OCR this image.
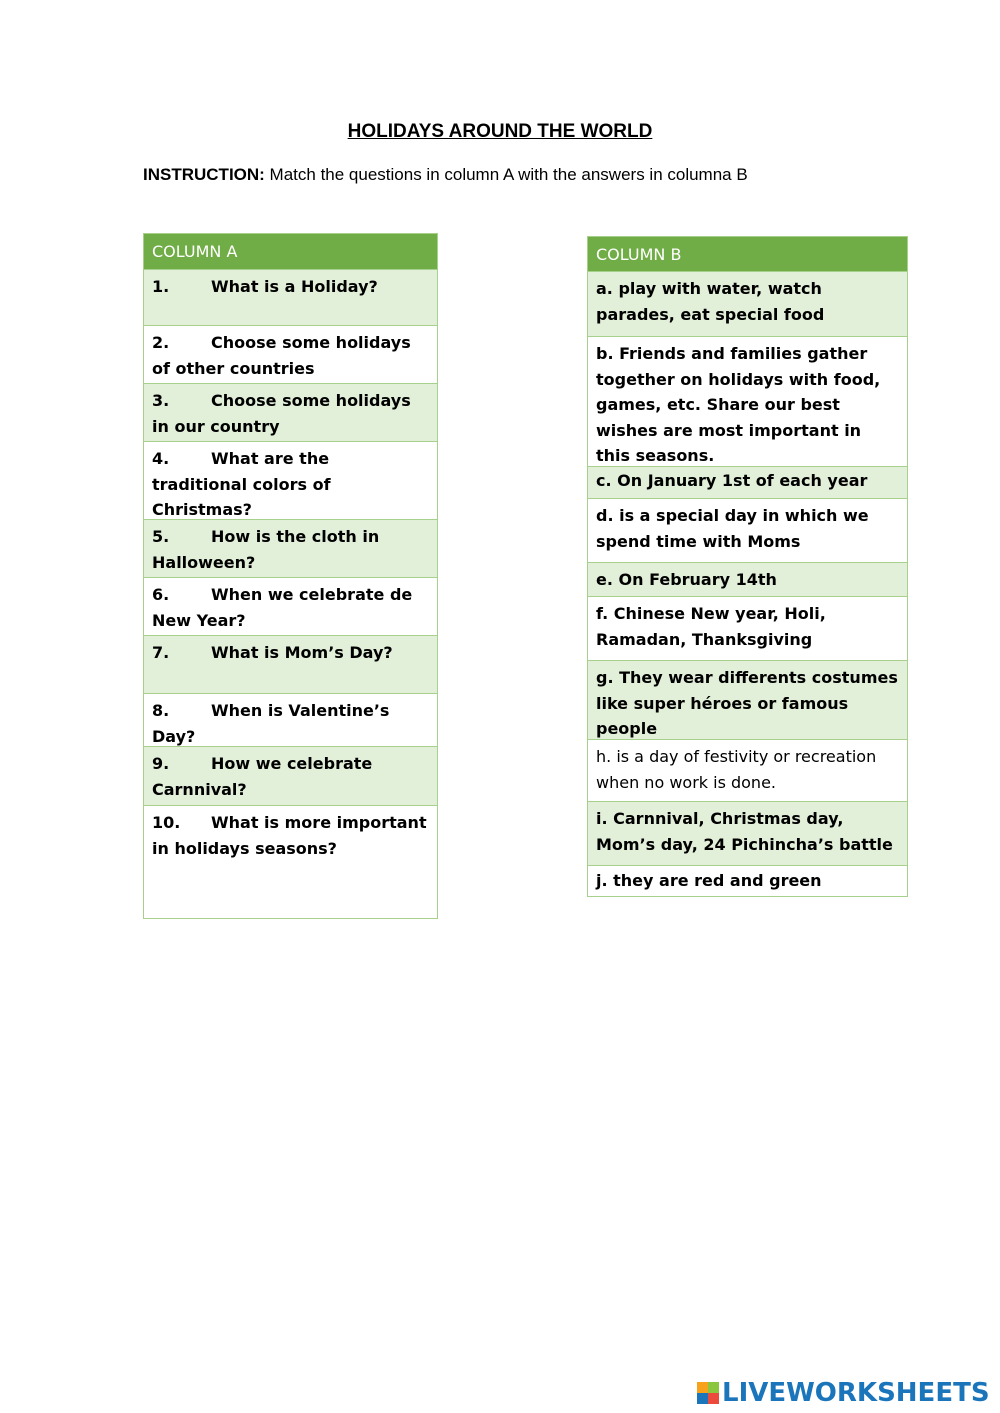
HOLIDAYS AROUND THE WORLD
INSTRUCTION: Match the questions in column A with the answers in columna B
COLUMN A
1.	What is a Holiday?
2.	Choose some holidays of other countries
3.	Choose some holidays in our country
4.	What are the traditional colors of Christmas?
5.	How is the cloth in Halloween?
6.	When we celebrate de New Year?
7.	What is Mom’s Day?
8.	When is Valentine’s Day?
9.	How we celebrate Carnnival?
10. What is more important in holidays seasons?
COLUMN B
a. play with water, watch parades, eat special food
b. Friends and families gather together on holidays with food, games, etc. Share our best wishes are most important in this seasons.
c. On January 1st of each year
d. is a special day in which we spend time with Moms
e. On February 14th
f. Chinese New year, Holi, Ramadan, Thanksgiving
g. They wear differents costumes like super héroes or famous people
h. is a day of festivity or recreation when no work is done.
i. Carnnival, Christmas day, Mom’s day, 24 Pichincha’s battle
j. they are red and green
LIVEWORKSHEETS
